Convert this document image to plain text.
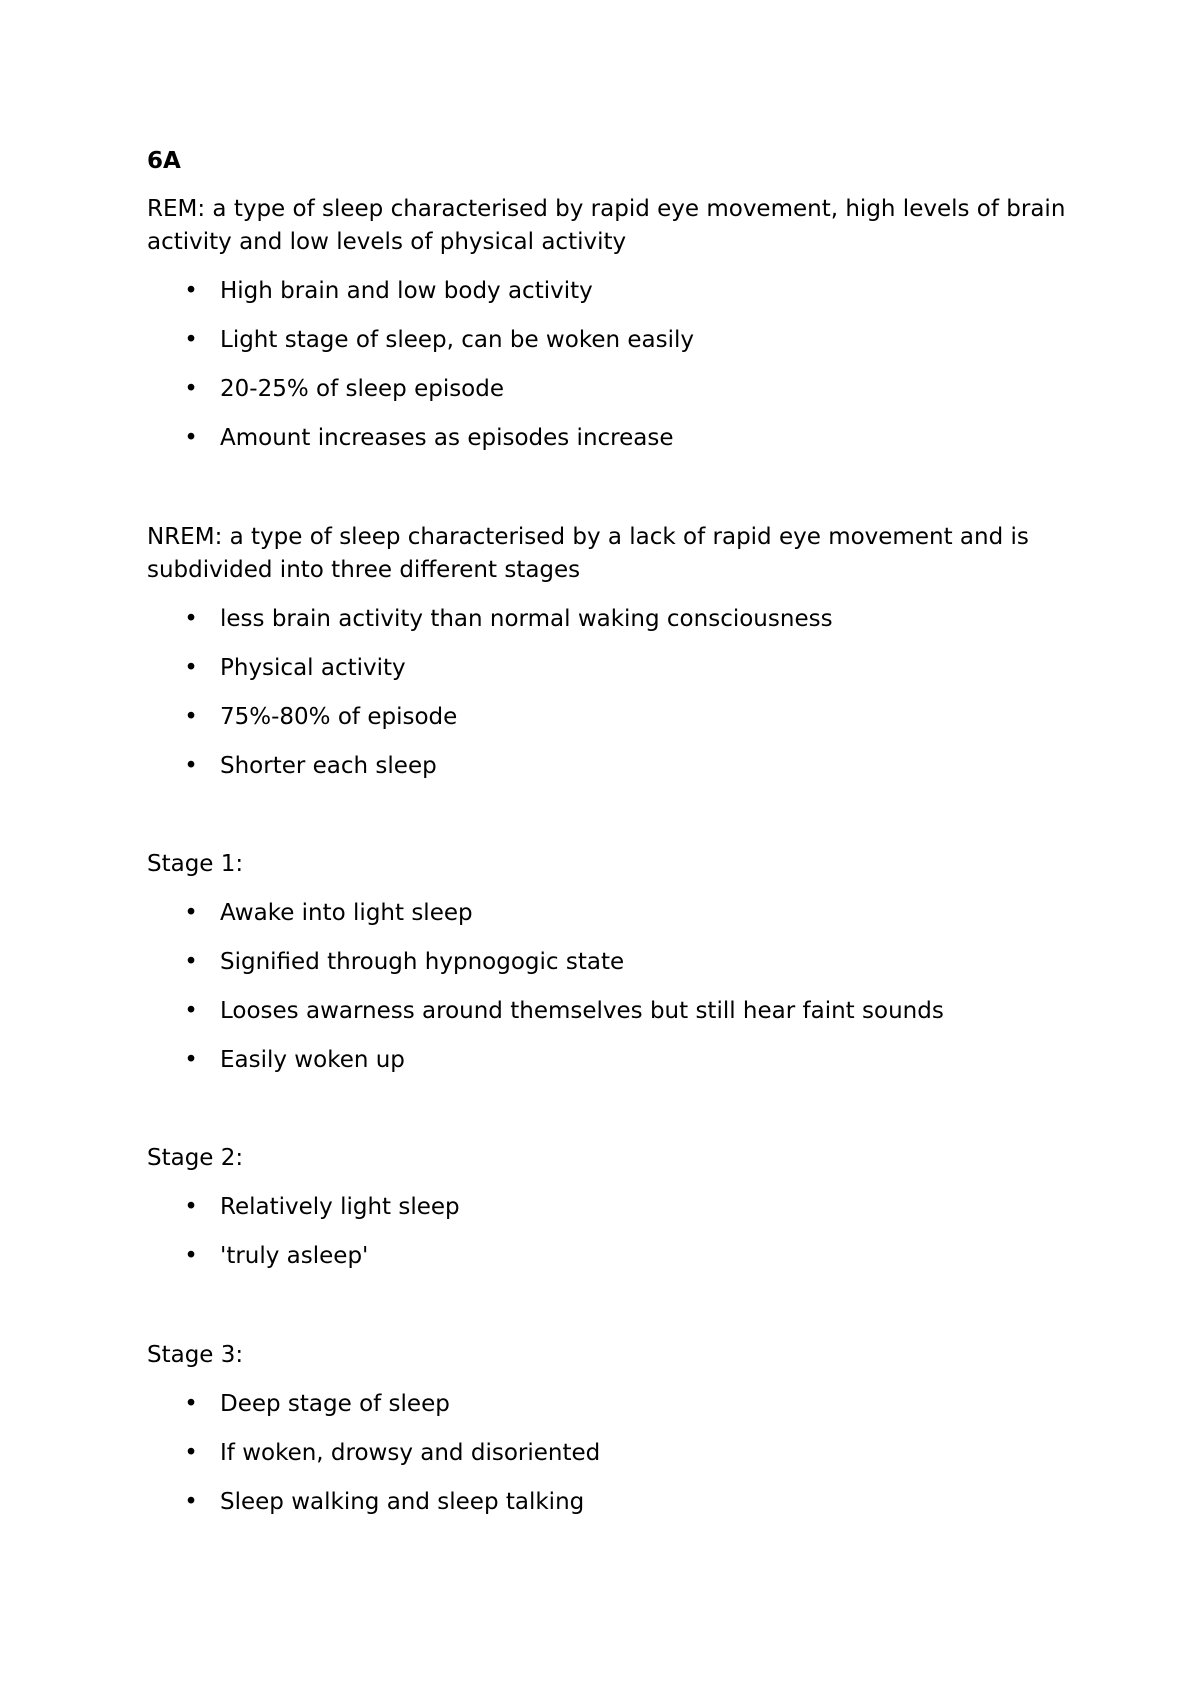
6A

REM: a type of sleep characterised by rapid eye movement, high levels of brain activity and low levels of physical activity

• High brain and low body activity
• Light stage of sleep, can be woken easily
• 20-25% of sleep episode
• Amount increases as episodes increase

NREM: a type of sleep characterised by a lack of rapid eye movement and is subdivided into three different stages

• less brain activity than normal waking consciousness
• Physical activity
• 75%-80% of episode
• Shorter each sleep

Stage 1:

• Awake into light sleep
• Signified through hypnogogic state
• Looses awarness around themselves but still hear faint sounds
• Easily woken up

Stage 2:

• Relatively light sleep
• 'truly asleep'

Stage 3:

• Deep stage of sleep
• If woken, drowsy and disoriented
• Sleep walking and sleep talking
